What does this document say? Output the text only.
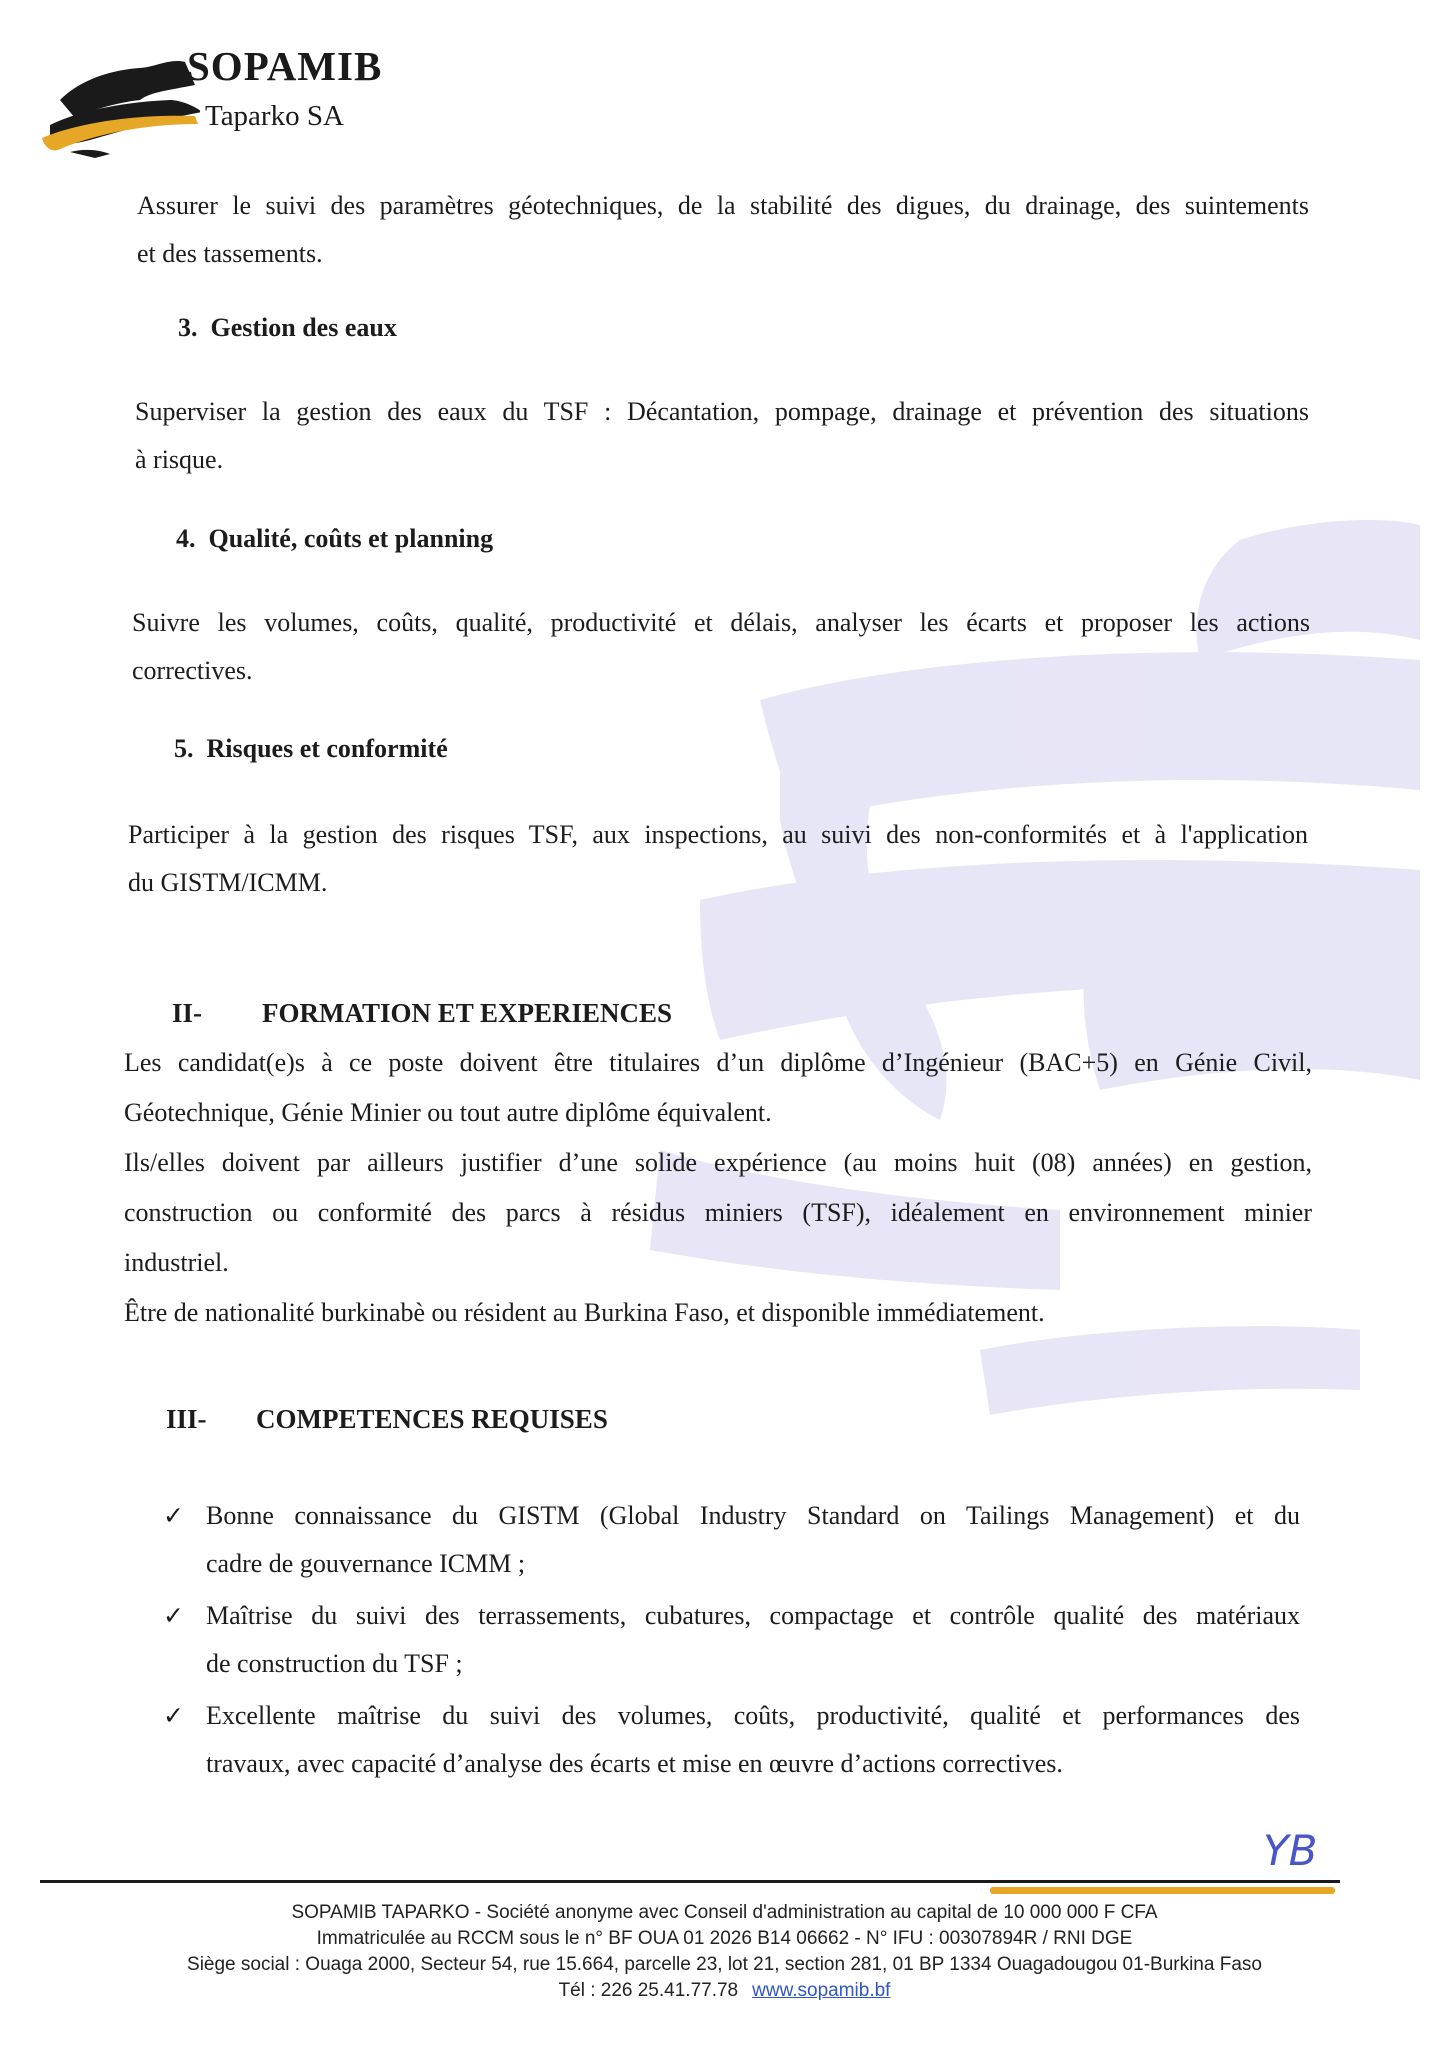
SOPAMIB
Taparko SA

Assurer le suivi des paramètres géotechniques, de la stabilité des digues, du drainage, des suintements
et des tassements.

3. Gestion des eaux

Superviser la gestion des eaux du TSF : Décantation, pompage, drainage et prévention des situations
à risque.

4. Qualité, coûts et planning

Suivre les volumes, coûts, qualité, productivité et délais, analyser les écarts et proposer les actions
correctives.

5. Risques et conformité

Participer à la gestion des risques TSF, aux inspections, au suivi des non-conformités et à l'application
du GISTM/ICMM.

II- FORMATION ET EXPERIENCES

Les candidat(e)s à ce poste doivent être titulaires d’un diplôme d’Ingénieur (BAC+5) en Génie Civil,
Géotechnique, Génie Minier ou tout autre diplôme équivalent.
Ils/elles doivent par ailleurs justifier d’une solide expérience (au moins huit (08) années) en gestion,
construction ou conformité des parcs à résidus miniers (TSF), idéalement en environnement minier
industriel.
Être de nationalité burkinabè ou résident au Burkina Faso, et disponible immédiatement.

III- COMPETENCES REQUISES
✓ Bonne connaissance du GISTM (Global Industry Standard on Tailings Management) et du
cadre de gouvernance ICMM ;
✓ Maîtrise du suivi des terrassements, cubatures, compactage et contrôle qualité des matériaux
de construction du TSF ;
✓ Excellente maîtrise du suivi des volumes, coûts, productivité, qualité et performances des
travaux, avec capacité d’analyse des écarts et mise en œuvre d’actions correctives.
YB
SOPAMIB TAPARKO - Société anonyme avec Conseil d'administration au capital de 10 000 000 F CFA
Immatriculée au RCCM sous le n° BF OUA 01 2026 B14 06662 - N° IFU : 00307894R / RNI DGE
Siège social : Ouaga 2000, Secteur 54, rue 15.664, parcelle 23, lot 21, section 281, 01 BP 1334 Ouagadougou 01-Burkina Faso
Tél : 226 25.41.77.78 www.sopamib.bf
